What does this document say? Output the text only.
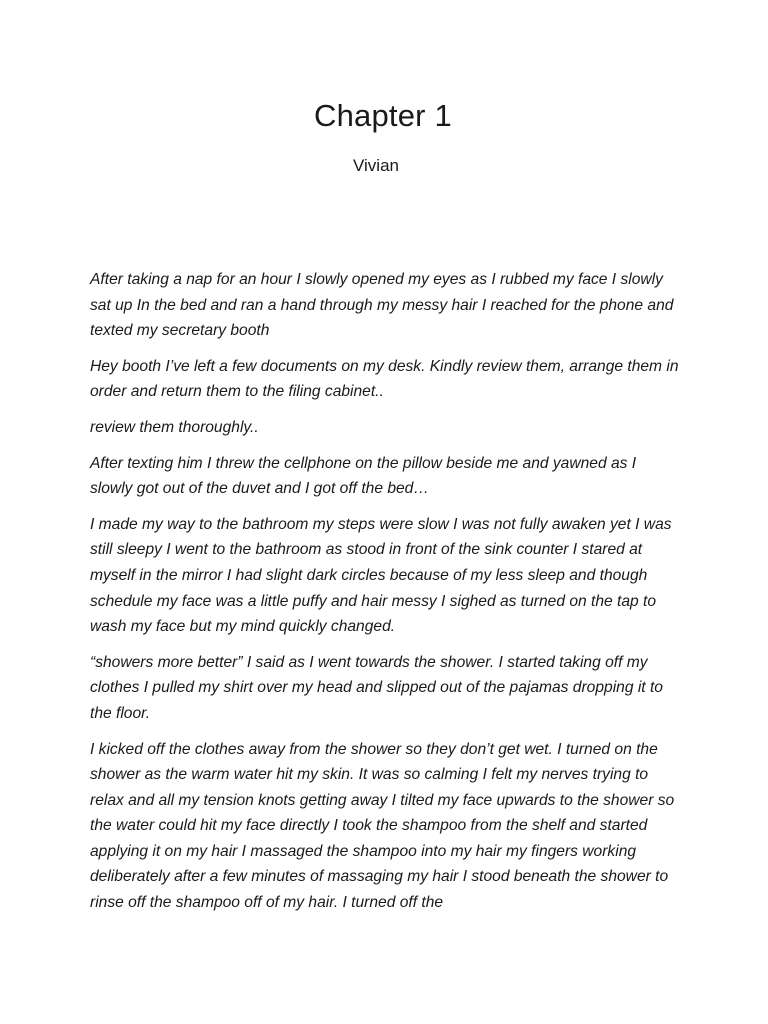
Chapter 1
Vivian

After taking a nap for an hour I slowly opened my eyes as I rubbed my face I slowly sat up In the bed and ran a hand through my messy hair I reached for the phone and texted my secretary booth

Hey booth I’ve left a few documents on my desk. Kindly review them, arrange them in order and return them to the filing cabinet..

review them thoroughly..

After texting him I threw the cellphone on the pillow beside me and yawned as I slowly got out of the duvet and I got off the bed…

I made my way to the bathroom my steps were slow I was not fully awaken yet I was still sleepy I went to the bathroom as stood in front of the sink counter I stared at myself in the mirror I had slight dark circles because of my less sleep and though schedule my face was a little puffy and hair messy I sighed as turned on the tap to wash my face but my mind quickly changed.

“showers more better” I said as I went towards the shower. I started taking off my clothes I pulled my shirt over my head and slipped out of the pajamas dropping it to the floor.

I kicked off the clothes away from the shower so they don’t get wet. I turned on the shower as the warm water hit my skin. It was so calming I felt my nerves trying to relax and all my tension knots getting away I tilted my face upwards to the shower so the water could hit my face directly I took the shampoo from the shelf and started applying it on my hair I massaged the shampoo into my hair my fingers working deliberately after a few minutes of massaging my hair I stood beneath the shower to rinse off the shampoo off of my hair. I turned off the
